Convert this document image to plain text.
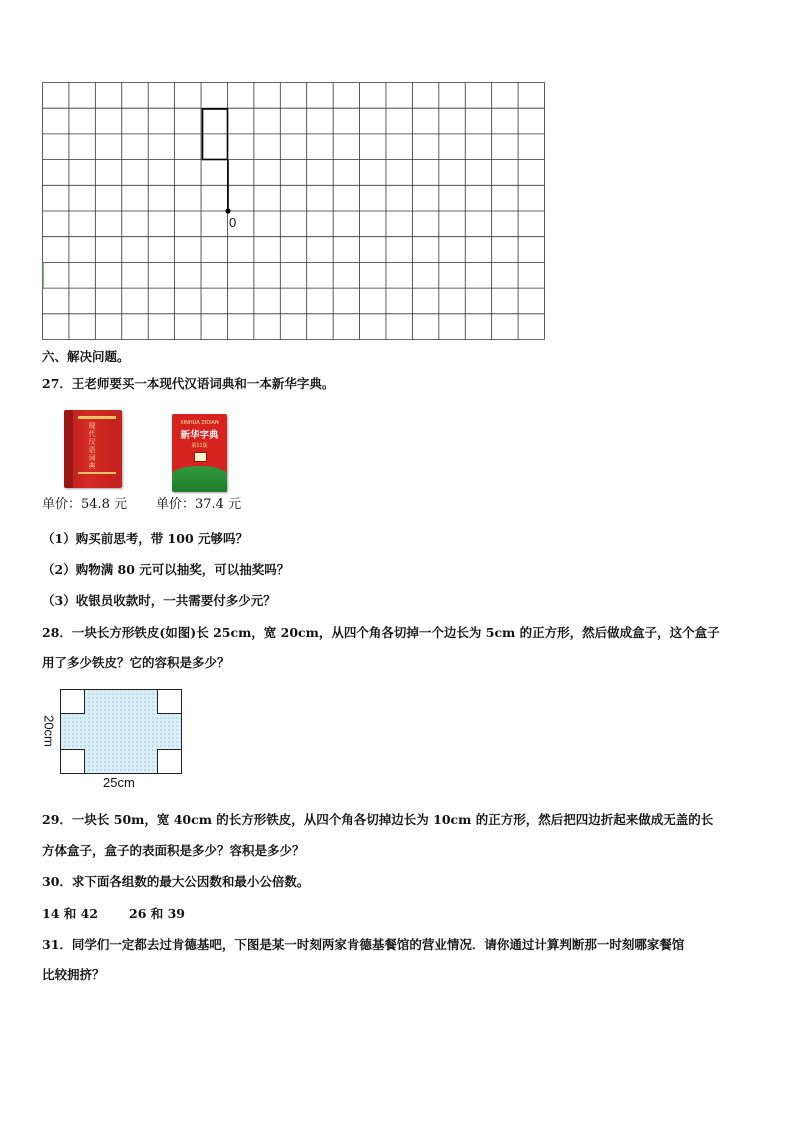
0
六、解决问题。
27．王老师要买一本现代汉语词典和一本新华字典。
现代汉语词典
XINHUA ZIDIAN
新华字典
第11版
单价：54.8 元 单价：37.4 元
（1）购买前思考，带 100 元够吗？
（2）购物满 80 元可以抽奖，可以抽奖吗？
（3）收银员收款时，一共需要付多少元？
28．一块长方形铁皮(如图)长 25cm，宽 20cm，从四个角各切掉一个边长为 5cm 的正方形，然后做成盒子，这个盒子
用了多少铁皮？它的容积是多少？
20cm
25cm
29．一块长 50m，宽 40cm 的长方形铁皮，从四个角各切掉边长为 10cm 的正方形，然后把四边折起来做成无盖的长
方体盒子，盒子的表面积是多少？容积是多少？
30．求下面各组数的最大公因数和最小公倍数。
14 和 42 26 和 39
31．同学们一定都去过肯德基吧，下图是某一时刻两家肯德基餐馆的营业情况．请你通过计算判断那一时刻哪家餐馆
比较拥挤？
